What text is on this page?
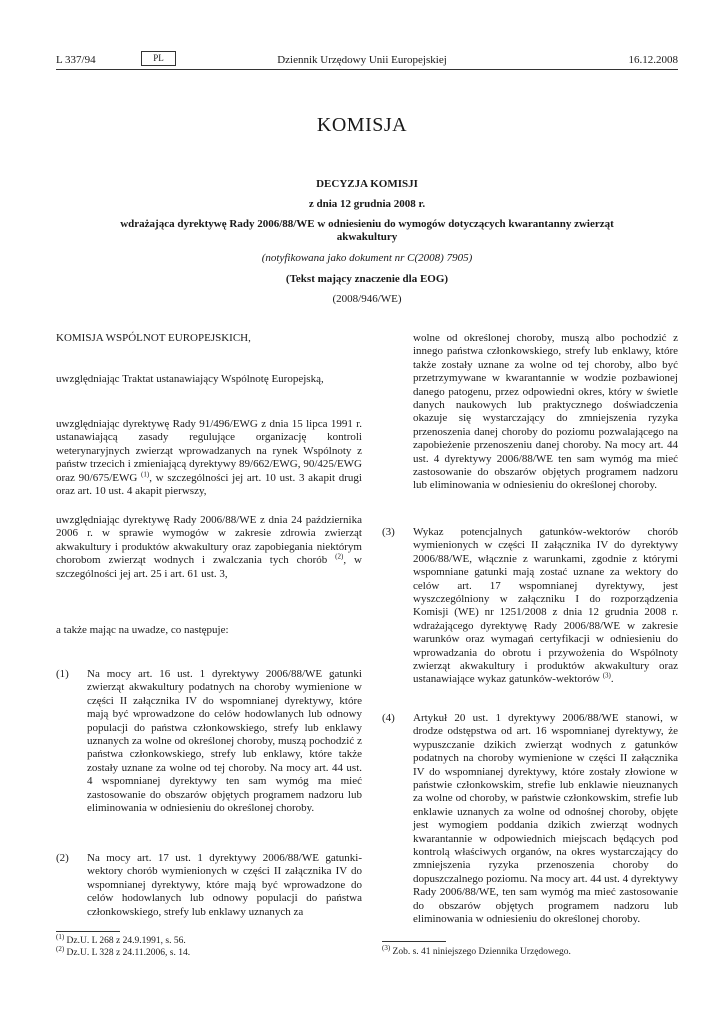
L 337/94	PL	Dziennik Urzędowy Unii Europejskiej	16.12.2008
KOMISJA
DECYZJA KOMISJI
z dnia 12 grudnia 2008 r.
wdrażająca dyrektywę Rady 2006/88/WE w odniesieniu do wymogów dotyczących kwarantanny zwierząt akwakultury
(notyfikowana jako dokument nr C(2008) 7905)
(Tekst mający znaczenie dla EOG)
(2008/946/WE)
KOMISJA WSPÓLNOT EUROPEJSKICH,
uwzględniając Traktat ustanawiający Wspólnotę Europejską,
uwzględniając dyrektywę Rady 91/496/EWG z dnia 15 lipca 1991 r. ustanawiającą zasady regulujące organizację kontroli weterynaryjnych zwierząt wprowadzanych na rynek Wspólnoty z państw trzecich i zmieniającą dyrektywy 89/662/EWG, 90/425/EWG oraz 90/675/EWG $^{(1)}$, w szczególności jej art. 10 ust. 3 akapit drugi oraz art. 10 ust. 4 akapit pierwszy,
uwzględniając dyrektywę Rady 2006/88/WE z dnia 24 października 2006 r. w sprawie wymogów w zakresie zdrowia zwierząt akwakultury i produktów akwakultury oraz zapobiegania niektórym chorobom zwierząt wodnych i zwalczania tych chorób $^{(2)}$, w szczególności jej art. 25 i art. 61 ust. 3,
a także mając na uwadze, co następuje:
(1) Na mocy art. 16 ust. 1 dyrektywy 2006/88/WE gatunki zwierząt akwakultury podatnych na choroby wymienione w części II załącznika IV do wspomnianej dyrektywy, które mają być wprowadzone do celów hodowlanych lub odnowy populacji do państwa członkowskiego, strefy lub enklawy uznanych za wolne od określonej choroby, muszą pochodzić z państwa członkowskiego, strefy lub enklawy, które także zostały uznane za wolne od tej choroby. Na mocy art. 44 ust. 4 wspomnianej dyrektywy ten sam wymóg ma mieć zastosowanie do obszarów objętych programem nadzoru lub eliminowania w odniesieniu do określonej choroby.
(2) Na mocy art. 17 ust. 1 dyrektywy 2006/88/WE gatunki-wektory chorób wymienionych w części II załącznika IV do wspomnianej dyrektywy, które mają być wprowadzone do celów hodowlanych lub odnowy populacji do państwa członkowskiego, strefy lub enklawy uznanych za
wolne od określonej choroby, muszą albo pochodzić z innego państwa członkowskiego, strefy lub enklawy, które także zostały uznane za wolne od tej choroby, albo być przetrzymywane w kwarantannie w wodzie pozbawionej danego patogenu, przez odpowiedni okres, który w świetle danych naukowych lub praktycznego doświadczenia okazuje się wystarczający do zmniejszenia ryzyka przenoszenia danej choroby do poziomu pozwalającego na zapobieżenie przenoszeniu danej choroby. Na mocy art. 44 ust. 4 dyrektywy 2006/88/WE ten sam wymóg ma mieć zastosowanie do obszarów objętych programem nadzoru lub eliminowania w odniesieniu do określonej choroby.
(3) Wykaz potencjalnych gatunków-wektorów chorób wymienionych w części II załącznika IV do dyrektywy 2006/88/WE, włącznie z warunkami, zgodnie z którymi wspomniane gatunki mają zostać uznane za wektory do celów art. 17 wspomnianej dyrektywy, jest wyszczególniony w załączniku I do rozporządzenia Komisji (WE) nr 1251/2008 z dnia 12 grudnia 2008 r. wdrażającego dyrektywę Rady 2006/88/WE w zakresie warunków oraz wymagań certyfikacji w odniesieniu do wprowadzania do obrotu i przywożenia do Wspólnoty zwierząt akwakultury i produktów akwakultury oraz ustanawiające wykaz gatunków-wektorów $^{(3)}$.
(4) Artykuł 20 ust. 1 dyrektywy 2006/88/WE stanowi, w drodze odstępstwa od art. 16 wspomnianej dyrektywy, że wypuszczanie dzikich zwierząt wodnych z gatunków podatnych na choroby wymienione w części II załącznika IV do wspomnianej dyrektywy, które zostały złowione w państwie członkowskim, strefie lub enklawie nieuznanych za wolne od choroby, w państwie członkowskim, strefie lub enklawie uznanych za wolne od odnośnej choroby, objęte jest wymogiem poddania dzikich zwierząt wodnych kwarantannie w odpowiednich miejscach będących pod kontrolą właściwych organów, na okres wystarczający do zmniejszenia ryzyka przenoszenia choroby do dopuszczalnego poziomu. Na mocy art. 44 ust. 4 dyrektywy Rady 2006/88/WE, ten sam wymóg ma mieć zastosowanie do obszarów objętych programem nadzoru lub eliminowania w odniesieniu do określonej choroby.
$^{(1)}$ Dz.U. L 268 z 24.9.1991, s. 56.
$^{(2)}$ Dz.U. L 328 z 24.11.2006, s. 14.
$^{(3)}$ Zob. s. 41 niniejszego Dziennika Urzędowego.
